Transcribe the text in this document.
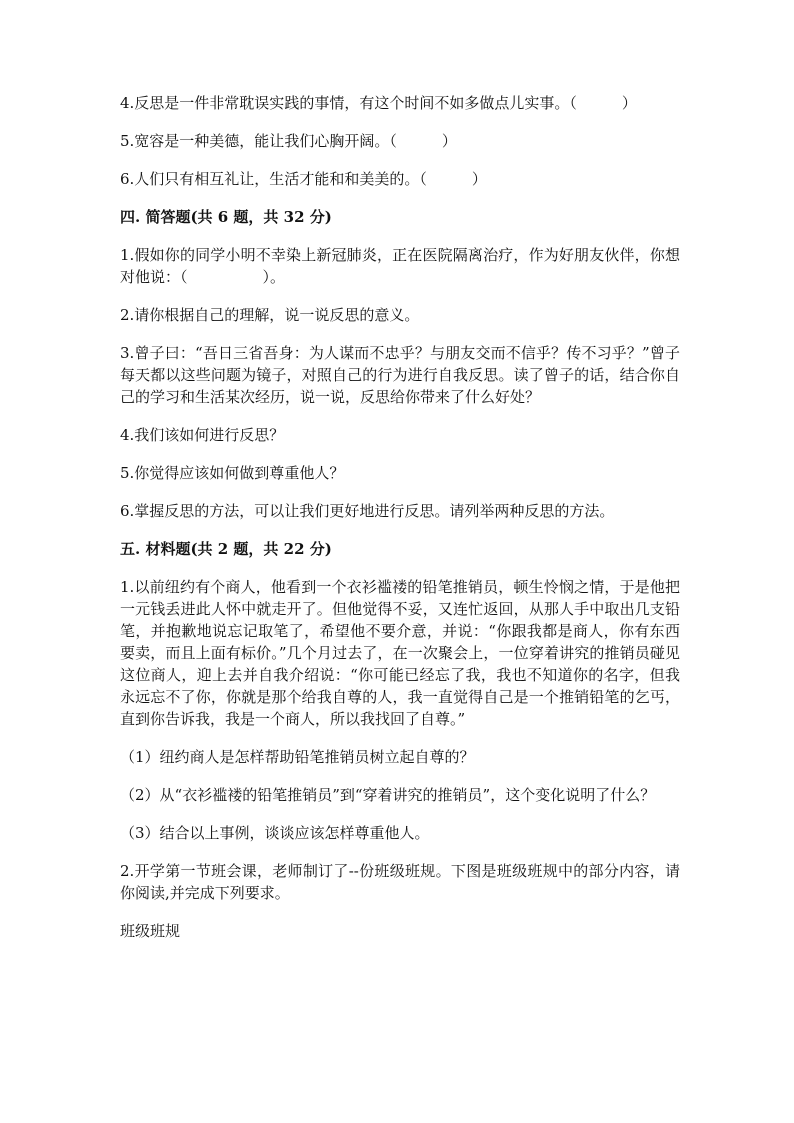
4.反思是一件非常耽误实践的事情，有这个时间不如多做点儿实事。（　　　）
5.宽容是一种美德，能让我们心胸开阔。（　　　）
6.人们只有相互礼让，生活才能和和美美的。（　　　）
四. 简答题(共 6 题，共 32 分)
1.假如你的同学小明不幸染上新冠肺炎，正在医院隔离治疗，作为好朋友伙伴，你想对他说：（　　　　　）。
2.请你根据自己的理解，说一说反思的意义。
3.曾子曰：“吾日三省吾身：为人谋而不忠乎？与朋友交而不信乎？传不习乎？”曾子每天都以这些问题为镜子，对照自己的行为进行自我反思。读了曾子的话，结合你自己的学习和生活某次经历，说一说，反思给你带来了什么好处？
4.我们该如何进行反思？
5.你觉得应该如何做到尊重他人？
6.掌握反思的方法，可以让我们更好地进行反思。请列举两种反思的方法。
五. 材料题(共 2 题，共 22 分)
1.以前纽约有个商人，他看到一个衣衫褴褛的铅笔推销员，顿生怜悯之情，于是他把一元钱丢进此人怀中就走开了。但他觉得不妥，又连忙返回，从那人手中取出几支铅笔，并抱歉地说忘记取笔了，希望他不要介意，并说：“你跟我都是商人，你有东西要卖，而且上面有标价。”几个月过去了，在一次聚会上，一位穿着讲究的推销员碰见这位商人，迎上去并自我介绍说：“你可能已经忘了我，我也不知道你的名字，但我永远忘不了你，你就是那个给我自尊的人，我一直觉得自己是一个推销铅笔的乞丐，直到你告诉我，我是一个商人，所以我找回了自尊。”
（1）纽约商人是怎样帮助铅笔推销员树立起自尊的？
（2）从“衣衫褴褛的铅笔推销员”到“穿着讲究的推销员”，这个变化说明了什么？
（3）结合以上事例，谈谈应该怎样尊重他人。
2.开学第一节班会课，老师制订了--份班级班规。下图是班级班规中的部分内容，请你阅读,并完成下列要求。
班级班规
